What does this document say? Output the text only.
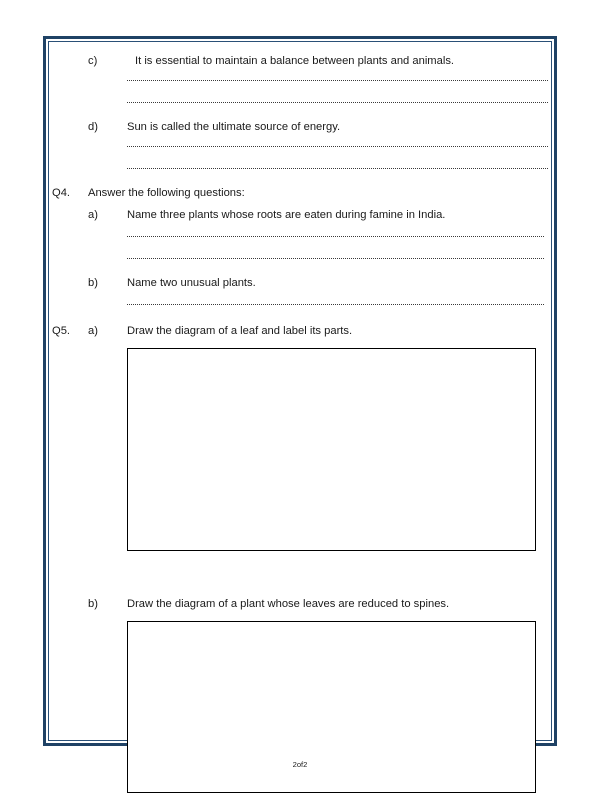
c)	It is essential to maintain a balance between plants and animals.
d)	Sun is called the ultimate source of energy.
Q4.	Answer the following questions:
a)	Name three plants whose roots are eaten during famine in India.
b)	Name two unusual plants.
Q5.	a)	Draw the diagram of a leaf and label its parts.
b)	Draw the diagram of a plant whose leaves are reduced to spines.
2of2
